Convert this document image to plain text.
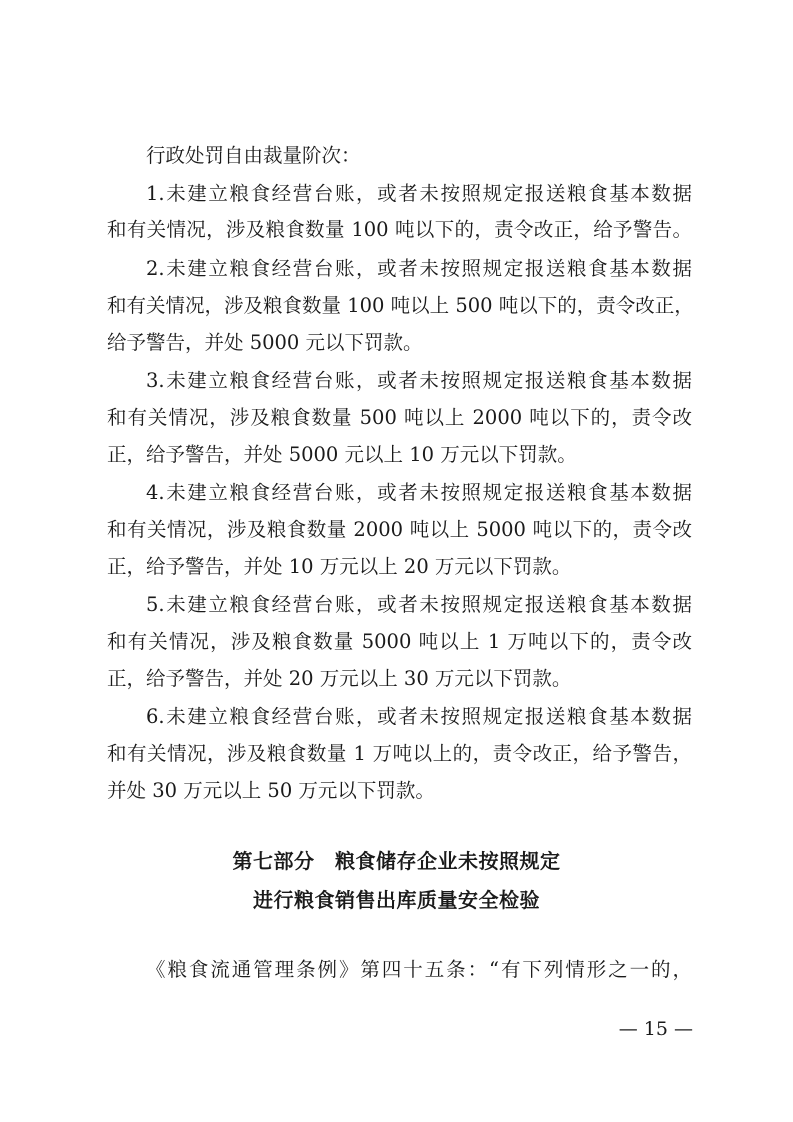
行政处罚自由裁量阶次：
1.未建立粮食经营台账，或者未按照规定报送粮食基本数据
和有关情况，涉及粮食数量 100 吨以下的，责令改正，给予警告。
2.未建立粮食经营台账，或者未按照规定报送粮食基本数据
和有关情况，涉及粮食数量 100 吨以上 500 吨以下的，责令改正，
给予警告，并处 5000 元以下罚款。
3.未建立粮食经营台账，或者未按照规定报送粮食基本数据
和有关情况，涉及粮食数量 500 吨以上 2000 吨以下的，责令改
正，给予警告，并处 5000 元以上 10 万元以下罚款。
4.未建立粮食经营台账，或者未按照规定报送粮食基本数据
和有关情况，涉及粮食数量 2000 吨以上 5000 吨以下的，责令改
正，给予警告，并处 10 万元以上 20 万元以下罚款。
5.未建立粮食经营台账，或者未按照规定报送粮食基本数据
和有关情况，涉及粮食数量 5000 吨以上 1 万吨以下的，责令改
正，给予警告，并处 20 万元以上 30 万元以下罚款。
6.未建立粮食经营台账，或者未按照规定报送粮食基本数据
和有关情况，涉及粮食数量 1 万吨以上的，责令改正，给予警告，
并处 30 万元以上 50 万元以下罚款。
第七部分　粮食储存企业未按照规定
进行粮食销售出库质量安全检验
《粮食流通管理条例》第四十五条：“有下列情形之一的，
— 15 —
